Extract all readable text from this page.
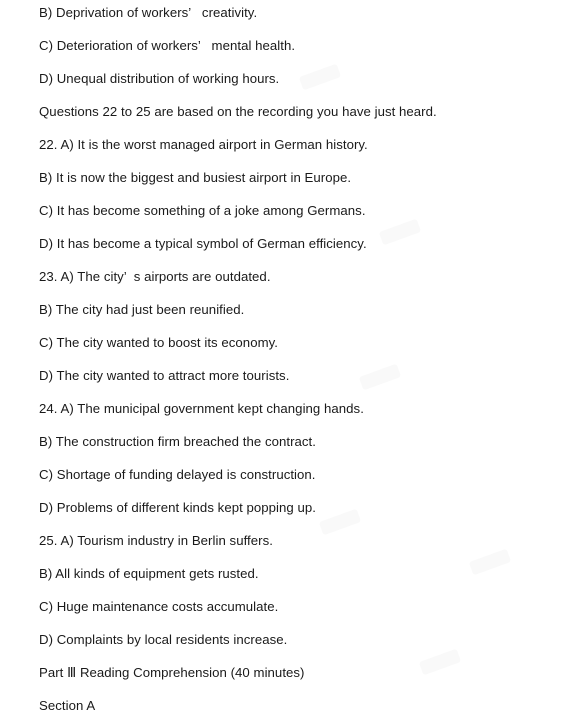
B) Deprivation of workers’   creativity.
C) Deterioration of workers’   mental health.
D) Unequal distribution of working hours.
Questions 22 to 25 are based on the recording you have just heard.
22. A) It is the worst managed airport in German history.
B) It is now the biggest and busiest airport in Europe.
C) It has become something of a joke among Germans.
D) It has become a typical symbol of German efficiency.
23. A) The city’  s airports are outdated.
B) The city had just been reunified.
C) The city wanted to boost its economy.
D) The city wanted to attract more tourists.
24. A) The municipal government kept changing hands.
B) The construction firm breached the contract.
C) Shortage of funding delayed is construction.
D) Problems of different kinds kept popping up.
25. A) Tourism industry in Berlin suffers.
B) All kinds of equipment gets rusted.
C) Huge maintenance costs accumulate.
D) Complaints by local residents increase.
Part Ⅲ Reading Comprehension (40 minutes)
Section A
